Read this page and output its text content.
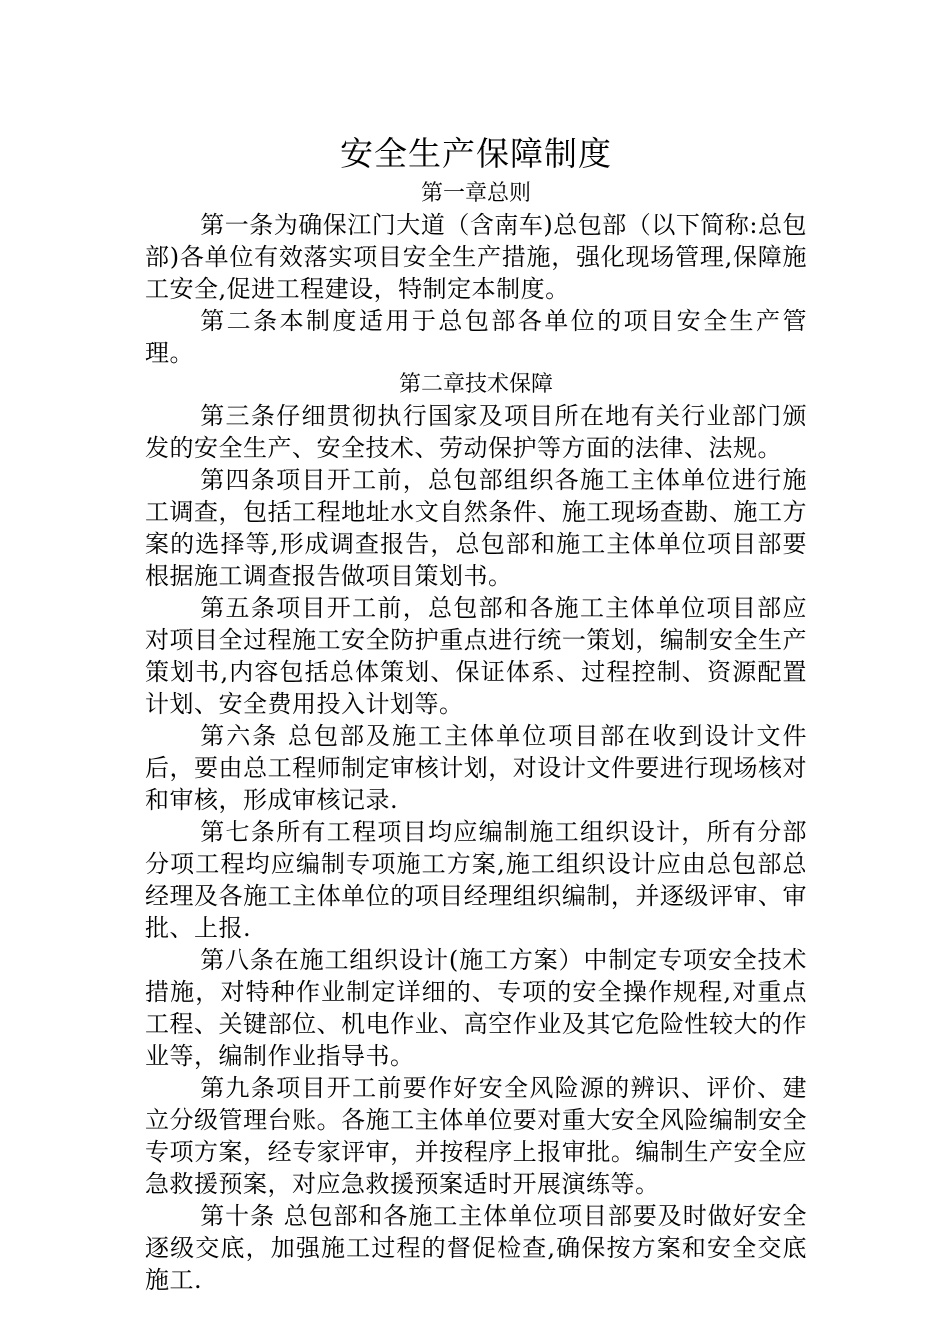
安全生产保障制度
第一章总则

第一条为确保江门大道（含南车)总包部（以下简称:总包部)各单位有效落实项目安全生产措施，强化现场管理,保障施工安全,促进工程建设，特制定本制度。

第二条本制度适用于总包部各单位的项目安全生产管理。

第二章技术保障

第三条仔细贯彻执行国家及项目所在地有关行业部门颁发的安全生产、安全技术、劳动保护等方面的法律、法规。

第四条项目开工前，总包部组织各施工主体单位进行施工调查，包括工程地址水文自然条件、施工现场查勘、施工方案的选择等,形成调查报告，总包部和施工主体单位项目部要根据施工调查报告做项目策划书。

第五条项目开工前，总包部和各施工主体单位项目部应对项目全过程施工安全防护重点进行统一策划，编制安全生产策划书,内容包括总体策划、保证体系、过程控制、资源配置计划、安全费用投入计划等。

第六条 总包部及施工主体单位项目部在收到设计文件后，要由总工程师制定审核计划，对设计文件要进行现场核对和审核，形成审核记录.

第七条所有工程项目均应编制施工组织设计，所有分部分项工程均应编制专项施工方案,施工组织设计应由总包部总经理及各施工主体单位的项目经理组织编制，并逐级评审、审批、上报.

第八条在施工组织设计(施工方案）中制定专项安全技术措施，对特种作业制定详细的、专项的安全操作规程,对重点工程、关键部位、机电作业、高空作业及其它危险性较大的作业等，编制作业指导书。

第九条项目开工前要作好安全风险源的辨识、评价、建立分级管理台账。各施工主体单位要对重大安全风险编制安全专项方案，经专家评审，并按程序上报审批。编制生产安全应急救援预案，对应急救援预案适时开展演练等。

第十条 总包部和各施工主体单位项目部要及时做好安全逐级交底，加强施工过程的督促检查,确保按方案和安全交底施工.
